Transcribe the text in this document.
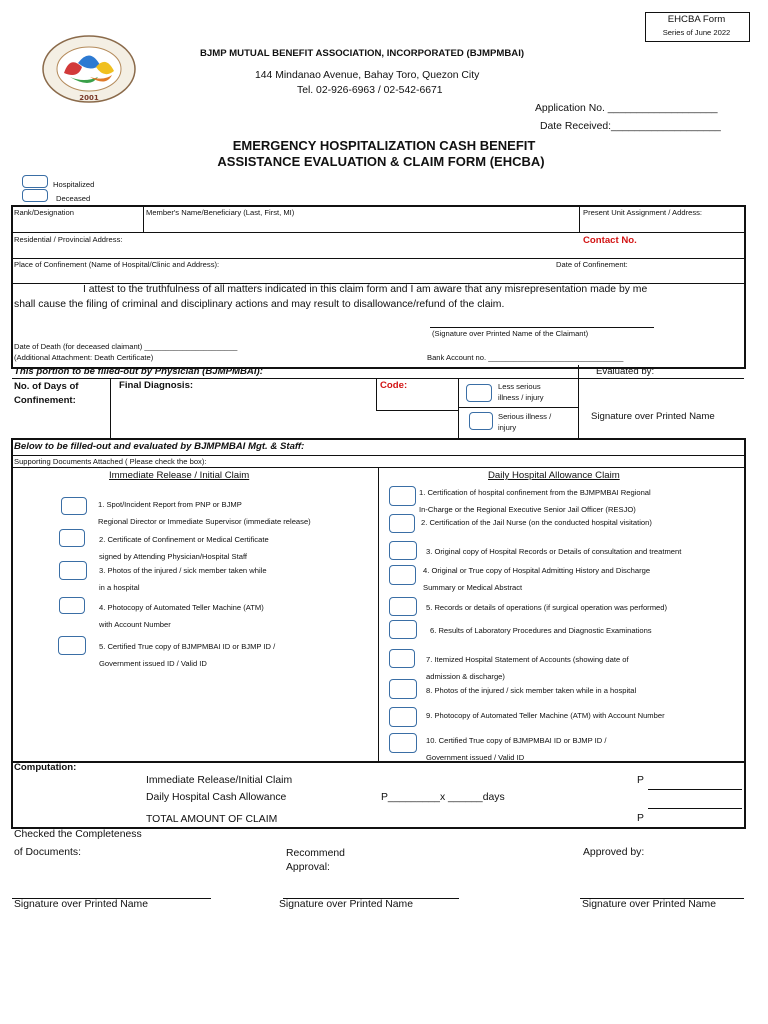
EHCBA Form
Series of June 2022
2001
BJMP MUTUAL BENEFIT ASSOCIATION, INCORPORATED (BJMPMBAI)
144 Mindanao Avenue, Bahay Toro, Quezon City
Tel. 02-926-6963 / 02-542-6671
Application No. ___________________
Date Received:___________________
EMERGENCY HOSPITALIZATION CASH BENEFIT
ASSISTANCE EVALUATION & CLAIM FORM (EHCBA)
Hospitalized
Deceased
Rank/Designation	Member's Name/Beneficiary (Last, First, MI)	Present Unit Assignment / Address:
Residential / Provincial Address:	Contact No.
Place of Confinement (Name of Hospital/Clinic and Address):	Date of Confinement:
I attest to the truthfulness of all matters indicated in this claim form and I am aware that any misrepresentation made by me
shall cause the filing of criminal and disciplinary actions and may result to disallowance/refund of the claim.
(Signature over Printed Name of the Claimant)
Date of Death (for deceased claimant) ______________________
(Additional Attachment: Death Certificate)	Bank Account no. ________________________________
This portion to be filled-out by Physician (BJMPMBAI):	Evaluated by:
No. of Days of
Confinement:
Final Diagnosis:	Code:	Less serious
illness / injury
Serious illness /
injury
Signature over Printed Name
Below to be filled-out and evaluated by BJMPMBAI Mgt. & Staff:
Supporting Documents Attached ( Please check the box):
Immediate Release / Initial Claim	Daily Hospital Allowance Claim
1. Spot/Incident Report from PNP or BJMP
Regional Director or Immediate Supervisor (immediate release)
2. Certificate of Confinement or Medical Certificate
signed by Attending Physician/Hospital Staff
3. Photos of the injured / sick member taken while
in a hospital
4. Photocopy of Automated Teller Machine (ATM)
with Account Number
5. Certified True copy of BJMPMBAI ID or BJMP ID /
Government issued ID / Valid ID
1. Certification of hospital confinement from the BJMPMBAI Regional
In-Charge or the Regional Executive Senior Jail Officer (RESJO)
2. Certification of the Jail Nurse (on the conducted hospital visitation)
3. Original copy of Hospital Records or Details of consultation and treatment
4. Original or True copy of Hospital Admitting History and Discharge
Summary or Medical Abstract
5. Records or details of operations (if surgical operation was performed)
6. Results of Laboratory Procedures and Diagnostic Examinations
7. Itemized Hospital Statement of Accounts (showing date of
admission & discharge)
8. Photos of the injured / sick member taken while in a hospital
9. Photocopy of Automated Teller Machine (ATM) with Account Number
10. Certified True copy of BJMPMBAI ID or BJMP ID /
Government issued / Valid ID
Computation:
Immediate Release/Initial Claim	P
Daily Hospital Cash Allowance	P_________x ______days
TOTAL AMOUNT OF CLAIM	P
Checked the Completeness
of Documents:	Recommend
Approval:
Approved by:
Signature over Printed Name	Signature over Printed Name	Signature over Printed Name
